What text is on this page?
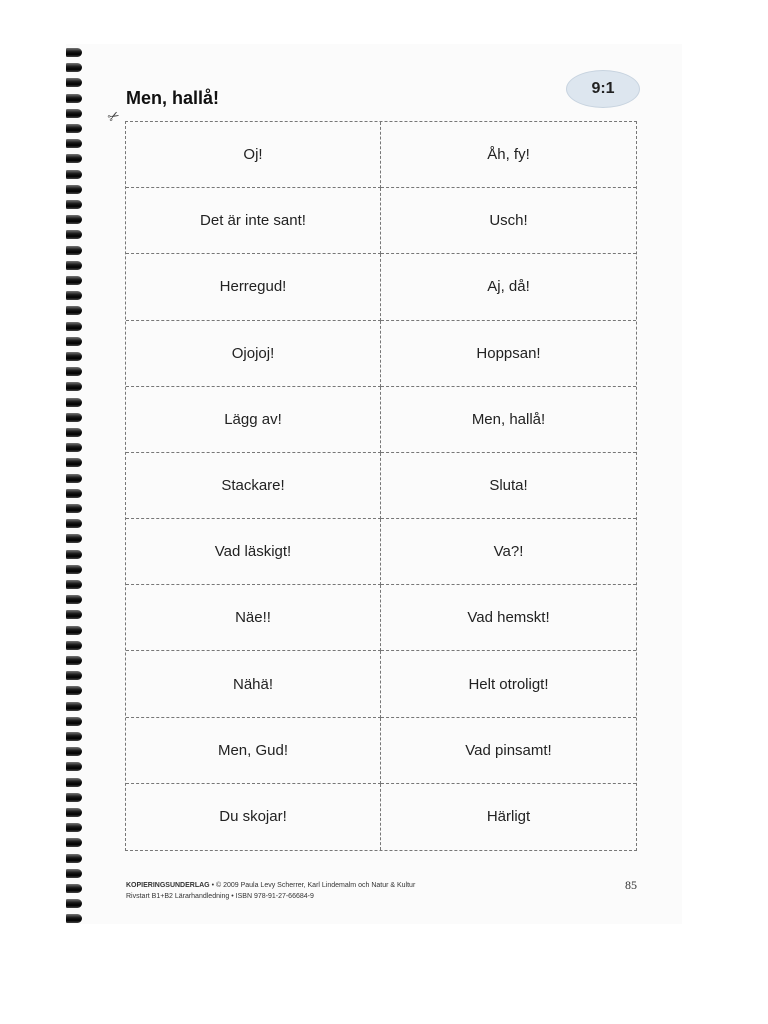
Men, hallå!	9:1
✂
Oj!	Åh, fy!
Det är inte sant!	Usch!
Herregud!	Aj, då!
Ojojoj!	Hoppsan!
Lägg av!	Men, hallå!
Stackare!	Sluta!
Vad läskigt!	Va?!
Näe!!	Vad hemskt!
Nähä!	Helt otroligt!
Men, Gud!	Vad pinsamt!
Du skojar!	Härligt
KOPIERINGSUNDERLAG • © 2009 Paula Levy Scherrer, Karl Lindemalm och Natur & Kultur
Rivstart B1+B2 Lärarhandledning • ISBN 978-91-27-66684-9
85
